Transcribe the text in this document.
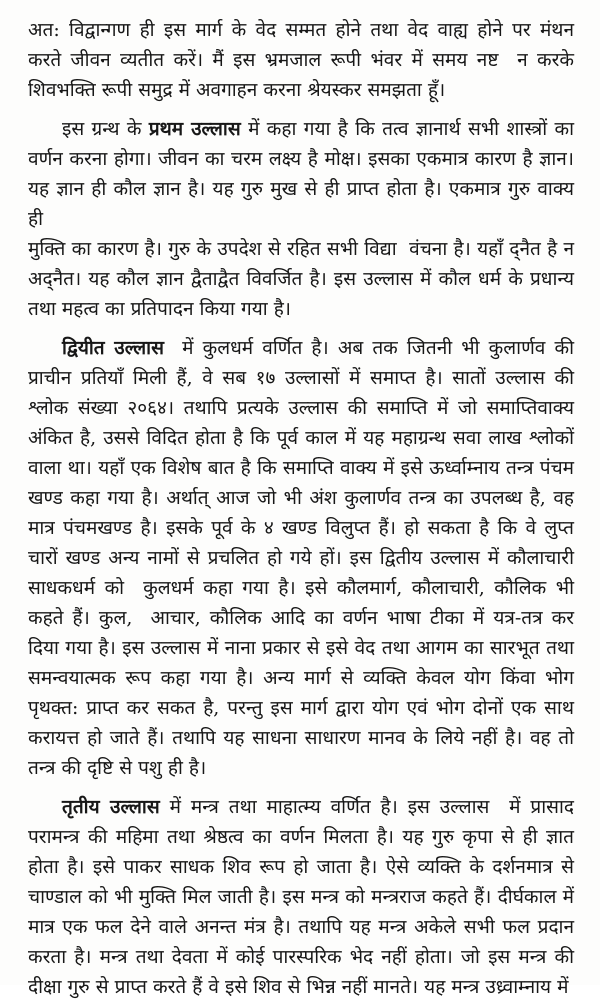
अत: विद्वान्गण ही इस मार्ग के वेद सम्मत होने तथा वेद वाह्य होने पर मंथन
करते जीवन व्यतीत करें। मैं इस भ्रमजाल रूपी भंवर में समय नष्ट  न करके
शिवभक्ति रूपी समुद्र में अवगाहन करना श्रेयस्कर समझता हूँ।
इस ग्रन्थ के प्रथम उल्लास में कहा गया है कि तत्व ज्ञानार्थ सभी शास्त्रों का
वर्णन करना होगा। जीवन का चरम लक्ष्य है मोक्ष। इसका एकमात्र कारण है ज्ञान।
यह ज्ञान ही कौल ज्ञान है। यह गुरु मुख से ही प्राप्त होता है। एकमात्र गुरु वाक्य ही
मुक्ति का कारण है। गुरु के उपदेश से रहित सभी विद्या  वंचना है। यहाँ द्नैत है न
अद्नैत। यह कौल ज्ञान द्वैताद्वैत विवर्जित है। इस उल्लास में कौल धर्म के प्रधान्य
तथा महत्व का प्रतिपादन किया गया है।
द्वियीत उल्लास  में कुलधर्म वर्णित है। अब तक जितनी भी कुलार्णव की
प्राचीन प्रतियाँ मिली हैं, वे सब १७ उल्लासों में समाप्त है। सातों उल्लास की
श्लोक संख्या २०६४। तथापि प्रत्यके उल्लास की समाप्ति में जो समाप्तिवाक्य
अंकित है, उससे विदित होता है कि पूर्व काल में यह महाग्रन्थ सवा लाख श्लोकों
वाला था। यहाँ एक विशेष बात है कि समाप्ति वाक्य में इसे ऊर्ध्वाम्नाय तन्त्र पंचम
खण्ड कहा गया है। अर्थात् आज जो भी अंश कुलार्णव तन्त्र का उपलब्ध है, वह
मात्र पंचमखण्ड है। इसके पूर्व के ४ खण्ड विलुप्त हैं। हो सकता है कि वे लुप्त
चारों खण्ड अन्य नामों से प्रचलित हो गये हों। इस द्वितीय उल्लास में कौलाचारी
साधकधर्म को  कुलधर्म कहा गया है। इसे कौलमार्ग, कौलाचारी, कौलिक भी
कहते हैं। कुल,  आचार, कौलिक आदि का वर्णन भाषा टीका में यत्र-तत्र कर
दिया गया है। इस उल्लास में नाना प्रकार से इसे वेद तथा आगम का सारभूत तथा
समन्वयात्मक रूप कहा गया है। अन्य मार्ग से व्यक्ति केवल योग किंवा भोग
पृथक्त: प्राप्त कर सकत है, परन्तु इस मार्ग द्वारा योग एवं भोग दोनों एक साथ
करायत्त हो जाते हैं। तथापि यह साधना साधारण मानव के लिये नहीं है। वह तो
तन्त्र की दृष्टि से पशु ही है।
तृतीय उल्लास में मन्त्र तथा माहात्म्य वर्णित है। इस उल्लास  में प्रासाद
परामन्त्र की महिमा तथा श्रेष्ठत्व का वर्णन मिलता है। यह गुरु कृपा से ही ज्ञात
होता है। इसे पाकर साधक शिव रूप हो जाता है। ऐसे व्यक्ति के दर्शनमात्र से
चाण्डाल को भी मुक्ति मिल जाती है। इस मन्त्र को मन्त्रराज कहते हैं। दीर्घकाल में
मात्र एक फल देने वाले अनन्त मंत्र है। तथापि यह मन्त्र अकेले सभी फल प्रदान
करता है। मन्त्र तथा देवता में कोई पारस्परिक भेद नहीं होता। जो इस मन्त्र की
दीक्षा गुरु से प्राप्त करते हैं वे इसे शिव से भिन्न नहीं मानते। यह मन्त्र उध्र्वाम्नाय में
